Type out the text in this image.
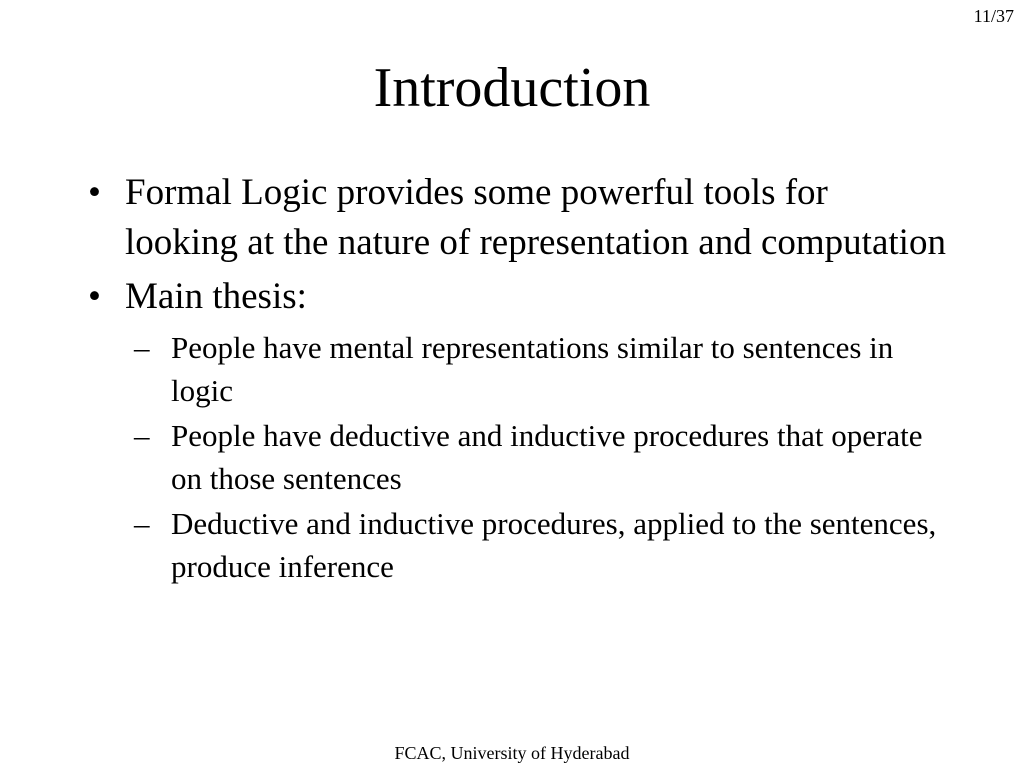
11/37
Introduction
• Formal Logic provides some powerful tools for looking at the nature of representation and computation
• Main thesis:
– People have mental representations similar to sentences in logic
– People have deductive and inductive procedures that operate on those sentences
– Deductive and inductive procedures, applied to the sentences, produce inference
FCAC, University of Hyderabad
